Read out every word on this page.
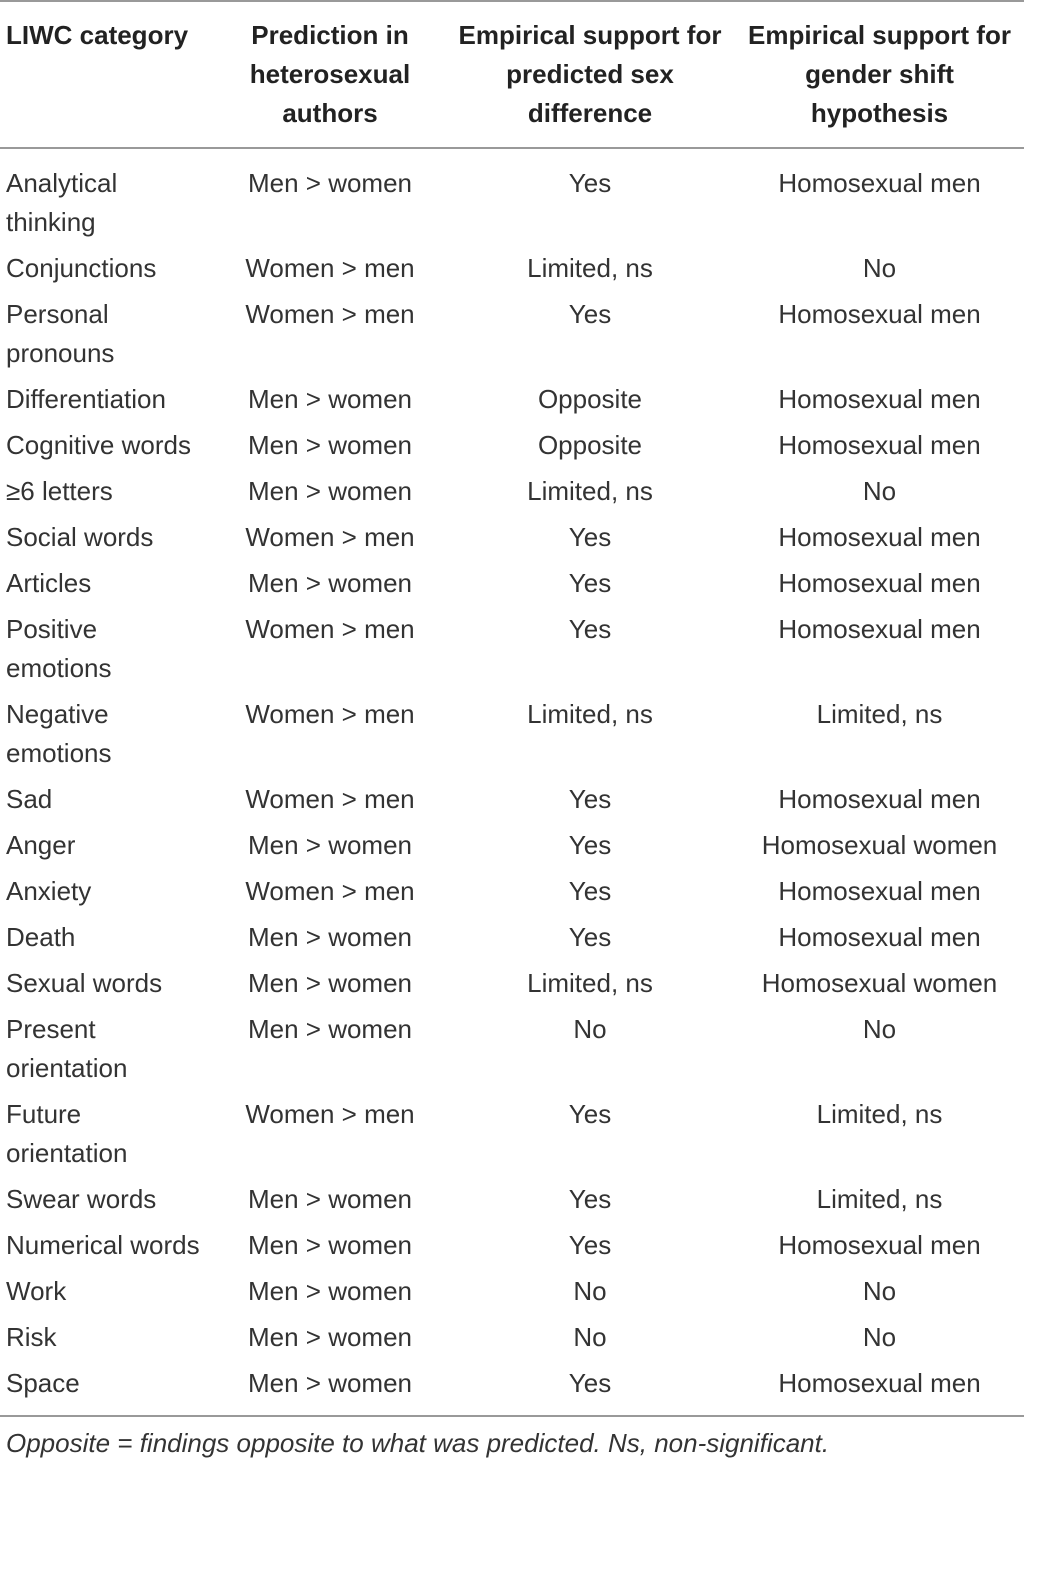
LIWC category	Prediction in heterosexual authors	Empirical support for predicted sex difference	Empirical support for gender shift hypothesis
Analytical thinking	Men > women	Yes	Homosexual men
Conjunctions	Women > men	Limited, ns	No
Personal pronouns	Women > men	Yes	Homosexual men
Differentiation	Men > women	Opposite	Homosexual men
Cognitive words	Men > women	Opposite	Homosexual men
≥6 letters	Men > women	Limited, ns	No
Social words	Women > men	Yes	Homosexual men
Articles	Men > women	Yes	Homosexual men
Positive emotions	Women > men	Yes	Homosexual men
Negative emotions	Women > men	Limited, ns	Limited, ns
Sad	Women > men	Yes	Homosexual men
Anger	Men > women	Yes	Homosexual women
Anxiety	Women > men	Yes	Homosexual men
Death	Men > women	Yes	Homosexual men
Sexual words	Men > women	Limited, ns	Homosexual women
Present orientation	Men > women	No	No
Future orientation	Women > men	Yes	Limited, ns
Swear words	Men > women	Yes	Limited, ns
Numerical words	Men > women	Yes	Homosexual men
Work	Men > women	No	No
Risk	Men > women	No	No
Space	Men > women	Yes	Homosexual men
Opposite = findings opposite to what was predicted. Ns, non-significant.
